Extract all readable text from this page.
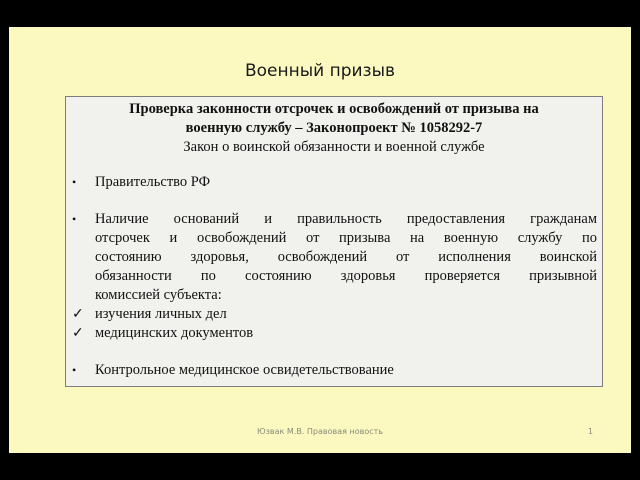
Военный призыв
Проверка законности отсрочек и освобождений от призыва на
военную службу – Законопроект № 1058292-7
Закон о воинской обязанности и военной службе
• Правительство РФ
• Наличие оснований и правильность предоставления гражданам
отсрочек и освобождений от призыва на военную службу по
состоянию здоровья, освобождений от исполнения воинской
обязанности по состоянию здоровья проверяется призывной
комиссией субъекта:
✓ изучения личных дел
✓ медицинских документов
• Контрольное медицинское освидетельствование
Юзвак М.В. Правовая новость	1
